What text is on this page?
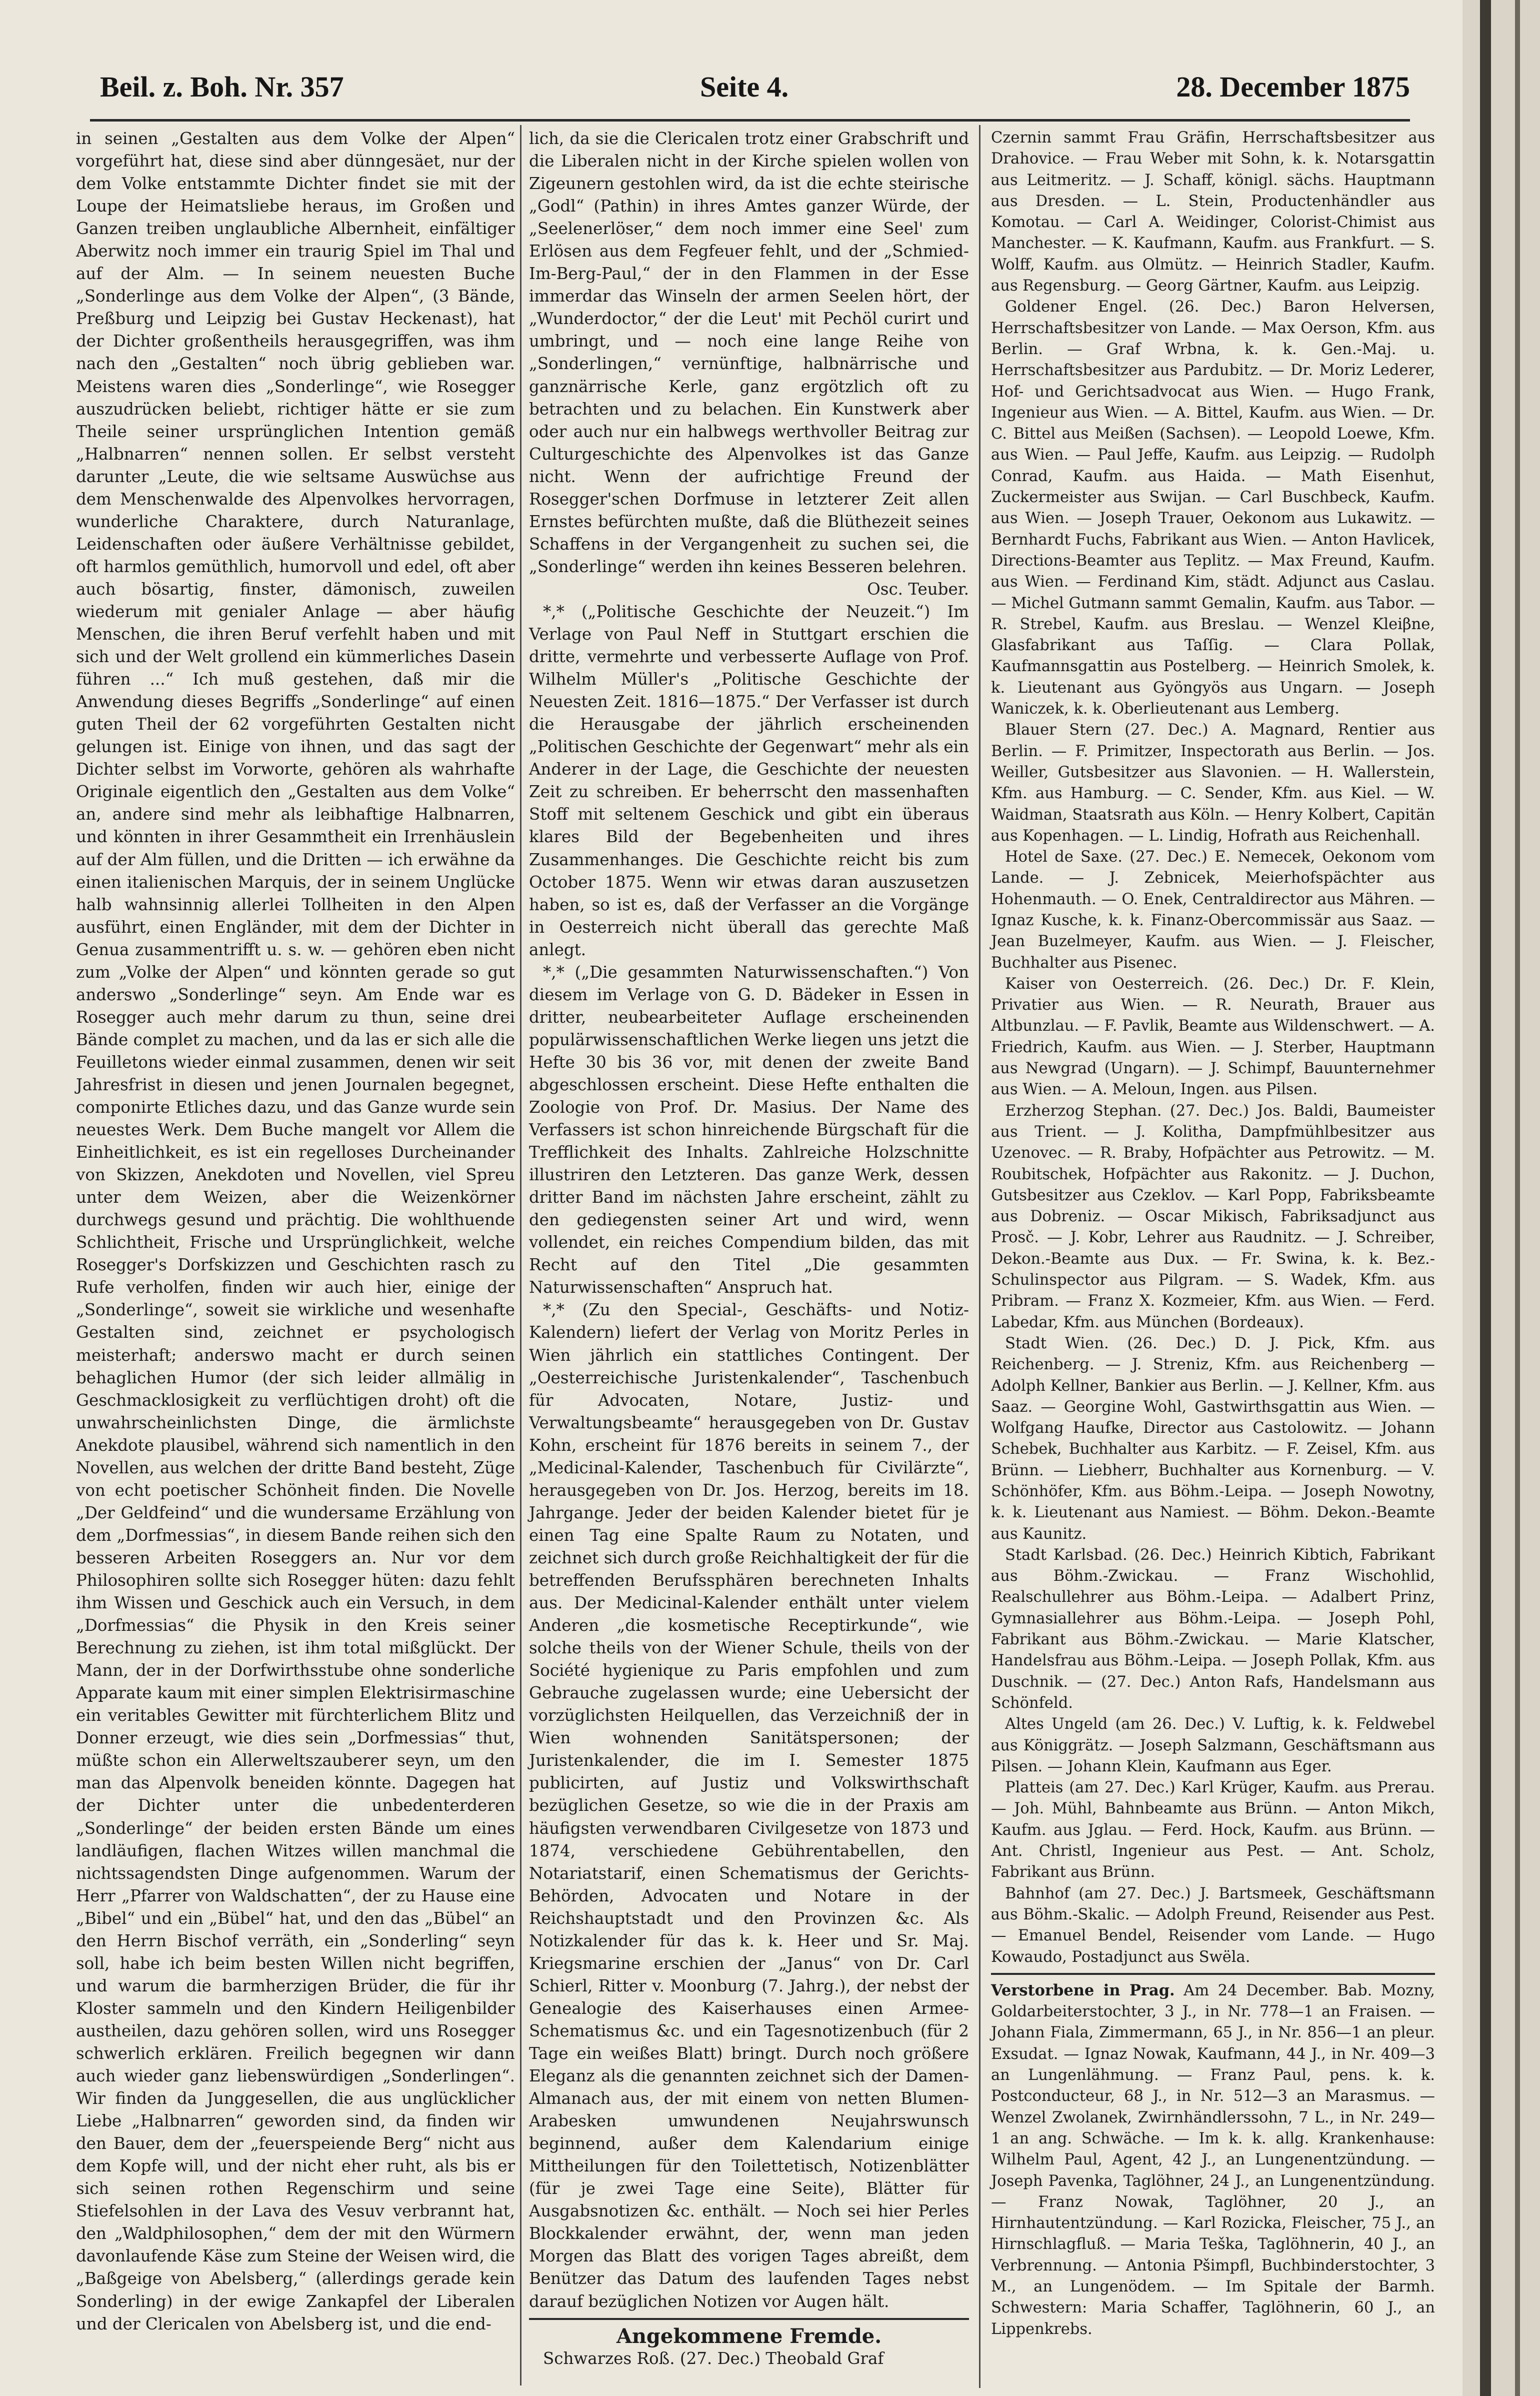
Beil. z. Boh. Nr. 357	Seite 4.	28. December 1875

in seinen „Gestalten aus dem Volke der Alpen“ vorgeführt hat, diese sind aber dünngesäet, nur der dem Volke entstammte Dichter findet sie mit der Loupe der Heimatsliebe heraus, im Großen und Ganzen treiben unglaubliche Albernheit, einfältiger Aberwitz noch immer ein traurig Spiel im Thal und auf der Alm. — In seinem neuesten Buche „Sonderlinge aus dem Volke der Alpen“, (3 Bände, Preßburg und Leipzig bei Gustav Heckenast), hat der Dichter großentheils herausgegriffen, was ihm nach den „Gestalten“ noch übrig geblieben war. Meistens waren dies „Sonderlinge“, wie Rosegger auszudrücken beliebt, richtiger hätte er sie zum Theile seiner ursprünglichen Intention gemäß „Halbnarren“ nennen sollen. Er selbst versteht darunter „Leute, die wie seltsame Auswüchse aus dem Menschenwalde des Alpenvolkes hervorragen, wunderliche Charaktere, durch Naturanlage, Leidenschaften oder äußere Verhältnisse gebildet, oft harmlos gemüthlich, humorvoll und edel, oft aber auch bösartig, finster, dämonisch, zuweilen wiederum mit genialer Anlage — aber häufig Menschen, die ihren Beruf verfehlt haben und mit sich und der Welt grollend ein kümmerliches Dasein führen ...“ Ich muß gestehen, daß mir die Anwendung dieses Begriffs „Sonderlinge“ auf einen guten Theil der 62 vorgeführten Gestalten nicht gelungen ist. Einige von ihnen, und das sagt der Dichter selbst im Vorworte, gehören als wahrhafte Originale eigentlich den „Gestalten aus dem Volke“ an, andere sind mehr als leibhaftige Halbnarren, und könnten in ihrer Gesammtheit ein Irrenhäuslein auf der Alm füllen, und die Dritten — ich erwähne da einen italienischen Marquis, der in seinem Unglücke halb wahnsinnig allerlei Tollheiten in den Alpen ausführt, einen Engländer, mit dem der Dichter in Genua zusammentrifft u. s. w. — gehören eben nicht zum „Volke der Alpen“ und könnten gerade so gut anderswo „Sonderlinge“ seyn. Am Ende war es Rosegger auch mehr darum zu thun, seine drei Bände complet zu machen, und da las er sich alle die Feuilletons wieder einmal zusammen, denen wir seit Jahresfrist in diesen und jenen Journalen begegnet, componirte Etliches dazu, und das Ganze wurde sein neuestes Werk. Dem Buche mangelt vor Allem die Einheitlichkeit, es ist ein regelloses Durcheinander von Skizzen, Anekdoten und Novellen, viel Spreu unter dem Weizen, aber die Weizenkörner durchwegs gesund und prächtig. Die wohlthuende Schlichtheit, Frische und Ursprünglichkeit, welche Rosegger's Dorfskizzen und Geschichten rasch zu Rufe verholfen, finden wir auch hier, einige der „Sonderlinge“, soweit sie wirkliche und wesenhafte Gestalten sind, zeichnet er psychologisch meisterhaft; anderswo macht er durch seinen behaglichen Humor (der sich leider allmälig in Geschmacklosigkeit zu verflüchtigen droht) oft die unwahrscheinlichsten Dinge, die ärmlichste Anekdote plausibel, während sich namentlich in den Novellen, aus welchen der dritte Band besteht, Züge von echt poetischer Schönheit finden. Die Novelle „Der Geldfeind“ und die wundersame Erzählung von dem „Dorfmessias“, in diesem Bande reihen sich den besseren Arbeiten Roseggers an. Nur vor dem Philosophiren sollte sich Rosegger hüten: dazu fehlt ihm Wissen und Geschick auch ein Versuch, in dem „Dorfmessias“ die Physik in den Kreis seiner Berechnung zu ziehen, ist ihm total mißglückt. Der Mann, der in der Dorfwirthsstube ohne sonderliche Apparate kaum mit einer simplen Elektrisirmaschine ein veritables Gewitter mit fürchterlichem Blitz und Donner erzeugt, wie dies sein „Dorfmessias“ thut, müßte schon ein Allerweltszauberer seyn, um den man das Alpenvolk beneiden könnte. Dagegen hat der Dichter unter die unbedenterderen „Sonderlinge“ der beiden ersten Bände um eines landläufigen, flachen Witzes willen manchmal die nichtssagendsten Dinge aufgenommen. Warum der Herr „Pfarrer von Waldschatten“, der zu Hause eine „Bibel“ und ein „Bübel“ hat, und den das „Bübel“ an den Herrn Bischof verräth, ein „Sonderling“ seyn soll, habe ich beim besten Willen nicht begriffen, und warum die barmherzigen Brüder, die für ihr Kloster sammeln und den Kindern Heiligenbilder austheilen, dazu gehören sollen, wird uns Rosegger schwerlich erklären. Freilich begegnen wir dann auch wieder ganz liebenswürdigen „Sonderlingen“. Wir finden da Junggesellen, die aus unglücklicher Liebe „Halbnarren“ geworden sind, da finden wir den Bauer, dem der „feuerspeiende Berg“ nicht aus dem Kopfe will, und der nicht eher ruht, als bis er sich seinen rothen Regenschirm und seine Stiefelsohlen in der Lava des Vesuv verbrannt hat, den „Waldphilosophen,“ dem der mit den Würmern davonlaufende Käse zum Steine der Weisen wird, die „Baßgeige von Abelsberg,“ (allerdings gerade kein Sonderling) in der ewige Zankapfel der Liberalen und der Clericalen von Abelsberg ist, und die end-

lich, da sie die Clericalen trotz einer Grabschrift und die Liberalen nicht in der Kirche spielen wollen von Zigeunern gestohlen wird, da ist die echte steirische „Godl“ (Pathin) in ihres Amtes ganzer Würde, der „Seelenerlöser,“ dem noch immer eine Seel' zum Erlösen aus dem Fegfeuer fehlt, und der „Schmied-Im-Berg-Paul,“ der in den Flammen in der Esse immerdar das Winseln der armen Seelen hört, der „Wunderdoctor,“ der die Leut' mit Pechöl curirt und umbringt, und — noch eine lange Reihe von „Sonderlingen,“ vernünftige, halbnärrische und ganznärrische Kerle, ganz ergötzlich oft zu betrachten und zu belachen. Ein Kunstwerk aber oder auch nur ein halbwegs werthvoller Beitrag zur Culturgeschichte des Alpenvolkes ist das Ganze nicht. Wenn der aufrichtige Freund der Rosegger'schen Dorfmuse in letzterer Zeit allen Ernstes befürchten mußte, daß die Blüthezeit seines Schaffens in der Vergangenheit zu suchen sei, die „Sonderlinge“ werden ihn keines Besseren belehren.

Osc. Teuber.

*,* („Politische Geschichte der Neuzeit.“) Im Verlage von Paul Neff in Stuttgart erschien die dritte, vermehrte und verbesserte Auflage von Prof. Wilhelm Müller's „Politische Geschichte der Neuesten Zeit. 1816—1875.“ Der Verfasser ist durch die Herausgabe der jährlich erscheinenden „Politischen Geschichte der Gegenwart“ mehr als ein Anderer in der Lage, die Geschichte der neuesten Zeit zu schreiben. Er beherrscht den massenhaften Stoff mit seltenem Geschick und gibt ein überaus klares Bild der Begebenheiten und ihres Zusammenhanges. Die Geschichte reicht bis zum October 1875. Wenn wir etwas daran auszusetzen haben, so ist es, daß der Verfasser an die Vorgänge in Oesterreich nicht überall das gerechte Maß anlegt.

*,* („Die gesammten Naturwissenschaften.“) Von diesem im Verlage von G. D. Bädeker in Essen in dritter, neubearbeiteter Auflage erscheinenden populärwissenschaftlichen Werke liegen uns jetzt die Hefte 30 bis 36 vor, mit denen der zweite Band abgeschlossen erscheint. Diese Hefte enthalten die Zoologie von Prof. Dr. Masius. Der Name des Verfassers ist schon hinreichende Bürgschaft für die Trefflichkeit des Inhalts. Zahlreiche Holzschnitte illustriren den Letzteren. Das ganze Werk, dessen dritter Band im nächsten Jahre erscheint, zählt zu den gediegensten seiner Art und wird, wenn vollendet, ein reiches Compendium bilden, das mit Recht auf den Titel „Die gesammten Naturwissenschaften“ Anspruch hat.

*,* (Zu den Special-, Geschäfts- und Notiz-Kalendern) liefert der Verlag von Moritz Perles in Wien jährlich ein stattliches Contingent. Der „Oesterreichische Juristenkalender“, Taschenbuch für Advocaten, Notare, Justiz- und Verwaltungsbeamte“ herausgegeben von Dr. Gustav Kohn, erscheint für 1876 bereits in seinem 7., der „Medicinal-Kalender, Taschenbuch für Civilärzte“, herausgegeben von Dr. Jos. Herzog, bereits im 18. Jahrgange. Jeder der beiden Kalender bietet für je einen Tag eine Spalte Raum zu Notaten, und zeichnet sich durch große Reichhaltigkeit der für die betreffenden Berufssphären berechneten Inhalts aus. Der Medicinal-Kalender enthält unter vielem Anderen „die kosmetische Receptirkunde“, wie solche theils von der Wiener Schule, theils von der Société hygienique zu Paris empfohlen und zum Gebrauche zugelassen wurde; eine Uebersicht der vorzüglichsten Heilquellen, das Verzeichniß der in Wien wohnenden Sanitätspersonen; der Juristenkalender, die im I. Semester 1875 publicirten, auf Justiz und Volkswirthschaft bezüglichen Gesetze, so wie die in der Praxis am häufigsten verwendbaren Civilgesetze von 1873 und 1874, verschiedene Gebührentabellen, den Notariatstarif, einen Schematismus der Gerichts-Behörden, Advocaten und Notare in der Reichshauptstadt und den Provinzen &c. Als Notizkalender für das k. k. Heer und Sr. Maj. Kriegsmarine erschien der „Janus“ von Dr. Carl Schierl, Ritter v. Moonburg (7. Jahrg.), der nebst der Genealogie des Kaiserhauses einen Armee-Schematismus &c. und ein Tagesnotizenbuch (für 2 Tage ein weißes Blatt) bringt. Durch noch größere Eleganz als die genannten zeichnet sich der Damen-Almanach aus, der mit einem von netten Blumen-Arabesken umwundenen Neujahrswunsch beginnend, außer dem Kalendarium einige Mittheilungen für den Toilettetisch, Notizenblätter (für je zwei Tage eine Seite), Blätter für Ausgabsnotizen &c. enthält. — Noch sei hier Perles Blockkalender erwähnt, der, wenn man jeden Morgen das Blatt des vorigen Tages abreißt, dem Benützer das Datum des laufenden Tages nebst darauf bezüglichen Notizen vor Augen hält.

Angekommene Fremde.

Schwarzes Roß. (27. Dec.) Theobald Graf

Czernin sammt Frau Gräfin, Herrschaftsbesitzer aus Drahovice. — Frau Weber mit Sohn, k. k. Notarsgattin aus Leitmeritz. — J. Schaff, königl. sächs. Hauptmann aus Dresden. — L. Stein, Productenhändler aus Komotau. — Carl A. Weidinger, Colorist-Chimist aus Manchester. — K. Kaufmann, Kaufm. aus Frankfurt. — S. Wolff, Kaufm. aus Olmütz. — Heinrich Stadler, Kaufm. aus Regensburg. — Georg Gärtner, Kaufm. aus Leipzig.

Goldener Engel. (26. Dec.) Baron Helversen, Herrschaftsbesitzer von Lande. — Max Oerson, Kfm. aus Berlin. — Graf Wrbna, k. k. Gen.-Maj. u. Herrschaftsbesitzer aus Pardubitz. — Dr. Moriz Lederer, Hof- und Gerichtsadvocat aus Wien. — Hugo Frank, Ingenieur aus Wien. — A. Bittel, Kaufm. aus Wien. — Dr. C. Bittel aus Meißen (Sachsen). — Leopold Loewe, Kfm. aus Wien. — Paul Jeffe, Kaufm. aus Leipzig. — Rudolph Conrad, Kaufm. aus Haida. — Math Eisenhut, Zuckermeister aus Swijan. — Carl Buschbeck, Kaufm. aus Wien. — Joseph Trauer, Oekonom aus Lukawitz. — Bernhardt Fuchs, Fabrikant aus Wien. — Anton Havlicek, Directions-Beamter aus Teplitz. — Max Freund, Kaufm. aus Wien. — Ferdinand Kim, städt. Adjunct aus Caslau. — Michel Gutmann sammt Gemalin, Kaufm. aus Tabor. — R. Strebel, Kaufm. aus Breslau. — Wenzel Kleiβne, Glasfabrikant aus Taſſig. — Clara Pollak, Kaufmannsgattin aus Postelberg. — Heinrich Smolek, k. k. Lieutenant aus Gyöngyös aus Ungarn. — Joseph Waniczek, k. k. Oberlieutenant aus Lemberg.

Blauer Stern (27. Dec.) A. Magnard, Rentier aus Berlin. — F. Primitzer, Inspectorath aus Berlin. — Jos. Weiller, Gutsbesitzer aus Slavonien. — H. Wallerstein, Kfm. aus Hamburg. — C. Sender, Kfm. aus Kiel. — W. Waidman, Staatsrath aus Köln. — Henry Kolbert, Capitän aus Kopenhagen. — L. Lindig, Hofrath aus Reichenhall.

Hotel de Saxe. (27. Dec.) E. Nemecek, Oekonom vom Lande. — J. Zebnicek, Meierhofspächter aus Hohenmauth. — O. Enek, Centraldirector aus Mähren. — Ignaz Kusche, k. k. Finanz-Obercommissär aus Saaz. — Jean Buzelmeyer, Kaufm. aus Wien. — J. Fleischer, Buchhalter aus Pisenec.

Kaiser von Oesterreich. (26. Dec.) Dr. F. Klein, Privatier aus Wien. — R. Neurath, Brauer aus Altbunzlau. — F. Pavlik, Beamte aus Wildenschwert. — A. Friedrich, Kaufm. aus Wien. — J. Sterber, Hauptmann aus Newgrad (Ungarn). — J. Schimpf, Bauunternehmer aus Wien. — A. Meloun, Ingen. aus Pilsen.

Erzherzog Stephan. (27. Dec.) Jos. Baldi, Baumeister aus Trient. — J. Kolitha, Dampfmühlbesitzer aus Uzenovec. — R. Braby, Hofpächter aus Petrowitz. — M. Roubitschek, Hofpächter aus Rakonitz. — J. Duchon, Gutsbesitzer aus Czeklov. — Karl Popp, Fabriksbeamte aus Dobreniz. — Oscar Mikisch, Fabriksadjunct aus Prosč. — J. Kobr, Lehrer aus Raudnitz. — J. Schreiber, Dekon.-Beamte aus Dux. — Fr. Swina, k. k. Bez.-Schulinspector aus Pilgram. — S. Wadek, Kfm. aus Pribram. — Franz X. Kozmeier, Kfm. aus Wien. — Ferd. Labedar, Kfm. aus München (Bordeaux).

Stadt Wien. (26. Dec.) D. J. Pick, Kfm. aus Reichenberg. — J. Streniz, Kfm. aus Reichenberg — Adolph Kellner, Bankier aus Berlin. — J. Kellner, Kfm. aus Saaz. — Georgine Wohl, Gastwirthsgattin aus Wien. — Wolfgang Haufke, Director aus Castolowitz. — Johann Schebek, Buchhalter aus Karbitz. — F. Zeisel, Kfm. aus Brünn. — Liebherr, Buchhalter aus Kornenburg. — V. Schönhöfer, Kfm. aus Böhm.-Leipa. — Joseph Nowotny, k. k. Lieutenant aus Namiest. — Böhm. Dekon.-Beamte aus Kaunitz.

Stadt Karlsbad. (26. Dec.) Heinrich Kibtich, Fabrikant aus Böhm.-Zwickau. — Franz Wischohlid, Realschullehrer aus Böhm.-Leipa. — Adalbert Prinz, Gymnasiallehrer aus Böhm.-Leipa. — Joseph Pohl, Fabrikant aus Böhm.-Zwickau. — Marie Klatscher, Handelsfrau aus Böhm.-Leipa. — Joseph Pollak, Kfm. aus Duschnik. — (27. Dec.) Anton Rafs, Handelsmann aus Schönfeld.

Altes Ungeld (am 26. Dec.) V. Luftig, k. k. Feldwebel aus Königgrätz. — Joseph Salzmann, Geschäftsmann aus Pilsen. — Johann Klein, Kaufmann aus Eger.

Platteis (am 27. Dec.) Karl Krüger, Kaufm. aus Prerau. — Joh. Mühl, Bahnbeamte aus Brünn. — Anton Mikch, Kaufm. aus Jglau. — Ferd. Hock, Kaufm. aus Brünn. — Ant. Christl, Ingenieur aus Pest. — Ant. Scholz, Fabrikant aus Brünn.

Bahnhof (am 27. Dec.) J. Bartsmeek, Geschäftsmann aus Böhm.-Skalic. — Adolph Freund, Reisender aus Pest. — Emanuel Bendel, Reisender vom Lande. — Hugo Kowaudo, Postadjunct aus Swëla.

Verstorbene in Prag. Am 24 December. Bab. Mozny, Goldarbeiterstochter, 3 J., in Nr. 778—1 an Fraisen. — Johann Fiala, Zimmermann, 65 J., in Nr. 856—1 an pleur. Exsudat. — Ignaz Nowak, Kaufmann, 44 J., in Nr. 409—3 an Lungenlähmung. — Franz Paul, pens. k. k. Postconducteur, 68 J., in Nr. 512—3 an Marasmus. — Wenzel Zwolanek, Zwirnhändlerssohn, 7 L., in Nr. 249—1 an ang. Schwäche. — Im k. k. allg. Krankenhause: Wilhelm Paul, Agent, 42 J., an Lungenentzündung. — Joseph Pavenka, Taglöhner, 24 J., an Lungenentzündung. — Franz Nowak, Taglöhner, 20 J., an Hirnhautentzündung. — Karl Rozicka, Fleischer, 75 J., an Hirnschlagfluß. — Maria Teška, Taglöhnerin, 40 J., an Verbrennung. — Antonia Pšimpfl, Buchbinderstochter, 3 M., an Lungenödem. — Im Spitale der Barmh. Schwestern: Maria Schaffer, Taglöhnerin, 60 J., an Lippenkrebs.
